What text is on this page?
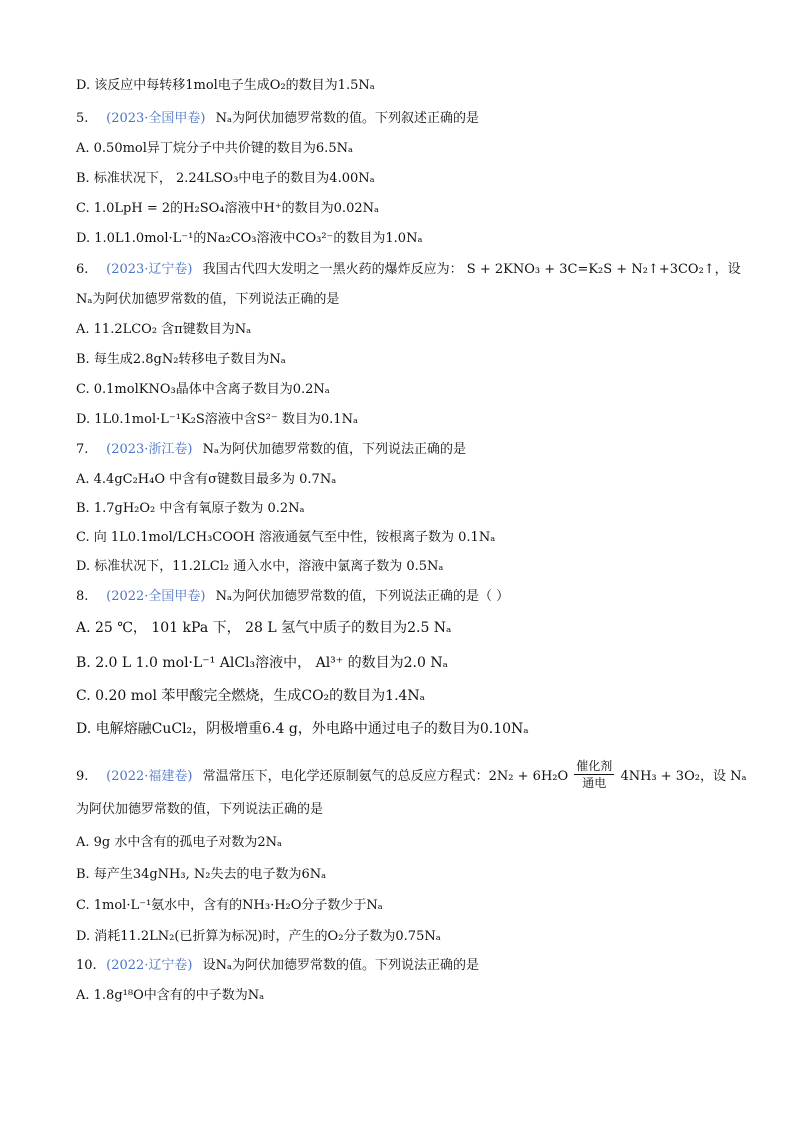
D. 该反应中每转移1mol电子生成O₂的数目为1.5Nₐ
5. (2023·全国甲卷) Nₐ为阿伏加德罗常数的值。下列叙述正确的是
A. 0.50mol异丁烷分子中共价键的数目为6.5Nₐ
B. 标准状况下， 2.24LSO₃中电子的数目为4.00Nₐ
C. 1.0LpH = 2的H₂SO₄溶液中H⁺的数目为0.02Nₐ
D. 1.0L1.0mol·L⁻¹的Na₂CO₃溶液中CO₃²⁻的数目为1.0Nₐ
6. (2023·辽宁卷) 我国古代四大发明之一黑火药的爆炸反应为： S + 2KNO₃ + 3C=K₂S + N₂↑+3CO₂↑，设
Nₐ为阿伏加德罗常数的值，下列说法正确的是
A. 11.2LCO₂ 含π键数目为Nₐ
B. 每生成2.8gN₂转移电子数目为Nₐ
C. 0.1molKNO₃晶体中含离子数目为0.2Nₐ
D. 1L0.1mol·L⁻¹K₂S溶液中含S²⁻ 数目为0.1Nₐ
7. (2023·浙江卷) Nₐ为阿伏加德罗常数的值，下列说法正确的是
A. 4.4gC₂H₄O 中含有σ键数目最多为 0.7Nₐ
B. 1.7gH₂O₂ 中含有氧原子数为 0.2Nₐ
C. 向 1L0.1mol/LCH₃COOH 溶液通氨气至中性，铵根离子数为 0.1Nₐ
D. 标准状况下，11.2LCl₂ 通入水中，溶液中氯离子数为 0.5Nₐ
8. (2022·全国甲卷) Nₐ为阿伏加德罗常数的值，下列说法正确的是（ ）
A. 25 ℃， 101 kPa 下， 28 L 氢气中质子的数目为2.5 Nₐ
B. 2.0 L 1.0 mol·L⁻¹ AlCl₃溶液中， Al³⁺ 的数目为2.0 Nₐ
C. 0.20 mol 苯甲酸完全燃烧，生成CO₂的数目为1.4Nₐ
D. 电解熔融CuCl₂，阴极增重6.4 g，外电路中通过电子的数目为0.10Nₐ
9. (2022·福建卷) 常温常压下，电化学还原制氨气的总反应方程式：$2N_2 + 6H_2O \frac{\text{催化剂}}{\text{通电}} 4NH_3 + 3O_2$，设 Nₐ
为阿伏加德罗常数的值，下列说法正确的是
A. 9g 水中含有的孤电子对数为2Nₐ
B. 每产生34gNH₃, N₂失去的电子数为6Nₐ
C. 1mol·L⁻¹氨水中，含有的NH₃·H₂O分子数少于Nₐ
D. 消耗11.2LN₂(已折算为标况)时，产生的O₂分子数为0.75Nₐ
10. (2022·辽宁卷) 设Nₐ为阿伏加德罗常数的值。下列说法正确的是
A. 1.8g¹⁸O中含有的中子数为Nₐ
